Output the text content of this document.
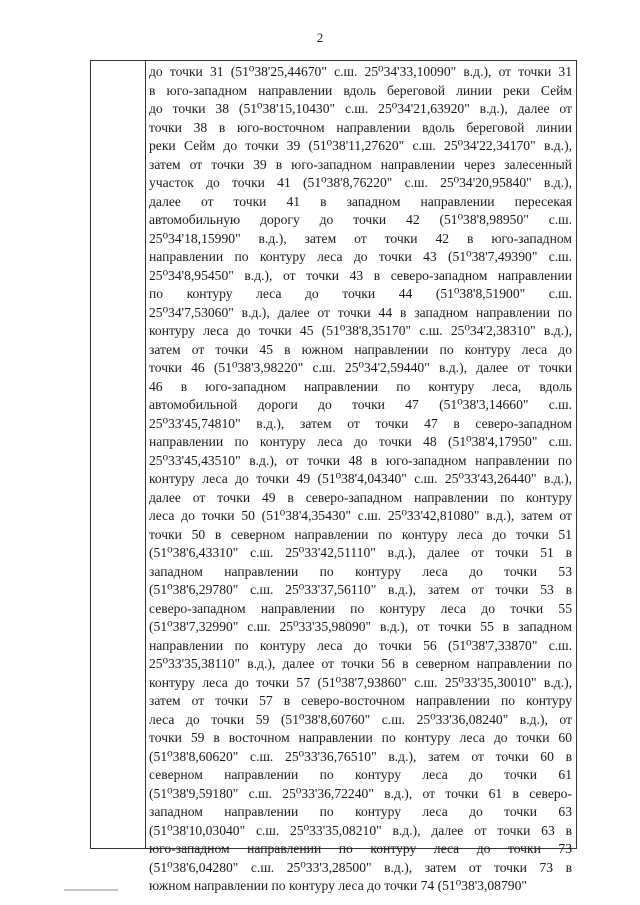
2
до точки 31 (51⁰38'25,44670" с.ш. 25⁰34'33,10090" в.д.), от точки 31
в юго-западном направлении вдоль береговой линии реки Сейм
до точки 38 (51⁰38'15,10430" с.ш. 25⁰34'21,63920" в.д.), далее от
точки 38 в юго-восточном направлении вдоль береговой линии
реки Сейм до точки 39 (51⁰38'11,27620" с.ш. 25⁰34'22,34170" в.д.),
затем от точки 39 в юго-западном направлении через залесенный
участок до точки 41 (51⁰38'8,76220" с.ш. 25⁰34'20,95840" в.д.),
далее от точки 41 в западном направлении пересекая
автомобильную дорогу до точки 42 (51⁰38'8,98950" с.ш.
25⁰34'18,15990" в.д.), затем от точки 42 в юго-западном
направлении по контуру леса до точки 43 (51⁰38'7,49390" с.ш.
25⁰34'8,95450" в.д.), от точки 43 в северо-западном направлении
по контуру леса до точки 44 (51⁰38'8,51900" с.ш.
25⁰34'7,53060" в.д.), далее от точки 44 в западном направлении по
контуру леса до точки 45 (51⁰38'8,35170" с.ш. 25⁰34'2,38310" в.д.),
затем от точки 45 в южном направлении по контуру леса до
точки 46 (51⁰38'3,98220" с.ш. 25⁰34'2,59440" в.д.), далее от точки
46 в юго-западном направлении по контуру леса, вдоль
автомобильной дороги до точки 47 (51⁰38'3,14660" с.ш.
25⁰33'45,74810" в.д.), затем от точки 47 в северо-западном
направлении по контуру леса до точки 48 (51⁰38'4,17950" с.ш.
25⁰33'45,43510" в.д.), от точки 48 в юго-западном направлении по
контуру леса до точки 49 (51⁰38'4,04340" с.ш. 25⁰33'43,26440" в.д.),
далее от точки 49 в северо-западном направлении по контуру
леса до точки 50 (51⁰38'4,35430" с.ш. 25⁰33'42,81080" в.д.), затем от
точки 50 в северном направлении по контуру леса до точки 51
(51⁰38'6,43310" с.ш. 25⁰33'42,51110" в.д.), далее от точки 51 в
западном направлении по контуру леса до точки 53
(51⁰38'6,29780" с.ш. 25⁰33'37,56110" в.д.), затем от точки 53 в
северо-западном направлении по контуру леса до точки 55
(51⁰38'7,32990" с.ш. 25⁰33'35,98090" в.д.), от точки 55 в западном
направлении по контуру леса до точки 56 (51⁰38'7,33870" с.ш.
25⁰33'35,38110" в.д.), далее от точки 56 в северном направлении по
контуру леса до точки 57 (51⁰38'7,93860" с.ш. 25⁰33'35,30010" в.д.),
затем от точки 57 в северо-восточном направлении по контуру
леса до точки 59 (51⁰38'8,60760" с.ш. 25⁰33'36,08240" в.д.), от
точки 59 в восточном направлении по контуру леса до точки 60
(51⁰38'8,60620" с.ш. 25⁰33'36,76510" в.д.), затем от точки 60 в
северном направлении по контуру леса до точки 61
(51⁰38'9,59180" с.ш. 25⁰33'36,72240" в.д.), от точки 61 в северо-
западном направлении по контуру леса до точки 63
(51⁰38'10,03040" с.ш. 25⁰33'35,08210" в.д.), далее от точки 63 в
юго-западном направлении по контуру леса до точки 73
(51⁰38'6,04280" с.ш. 25⁰33'3,28500" в.д.), затем от точки 73 в
южном направлении по контуру леса до точки 74 (51⁰38'3,08790"
